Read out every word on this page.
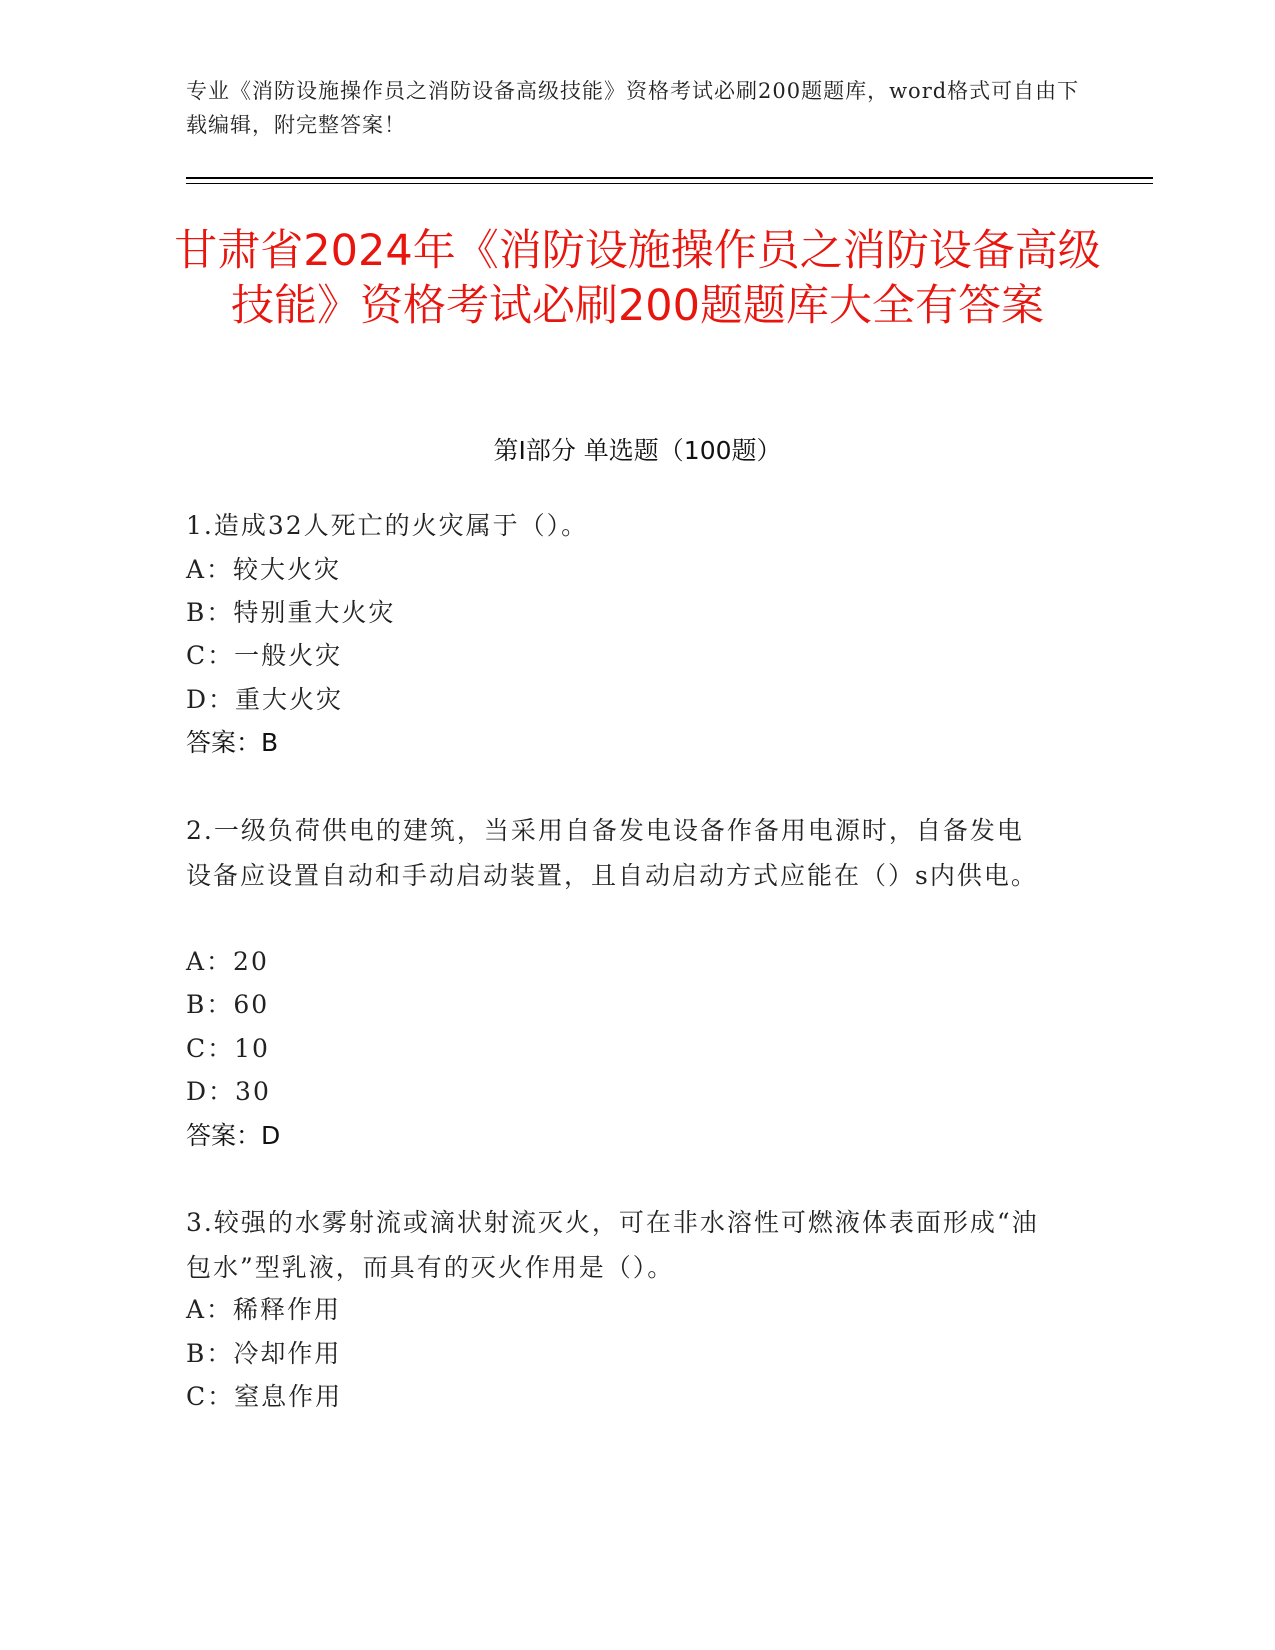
专业《消防设施操作员之消防设备高级技能》资格考试必刷200题题库，word格式可自由下载编辑，附完整答案！
甘肃省2024年《消防设施操作员之消防设备高级技能》资格考试必刷200题题库大全有答案
第I部分 单选题（100题）
1.造成32人死亡的火灾属于（）。
A：较大火灾
B：特别重大火灾
C：一般火灾
D：重大火灾
答案：B
2.一级负荷供电的建筑，当采用自备发电设备作备用电源时，自备发电设备应设置自动和手动启动装置，且自动启动方式应能在（）s内供电。
A：20
B：60
C：10
D：30
答案：D
3.较强的水雾射流或滴状射流灭火，可在非水溶性可燃液体表面形成“油包水”型乳液，而具有的灭火作用是（）。
A：稀释作用
B：冷却作用
C：窒息作用
